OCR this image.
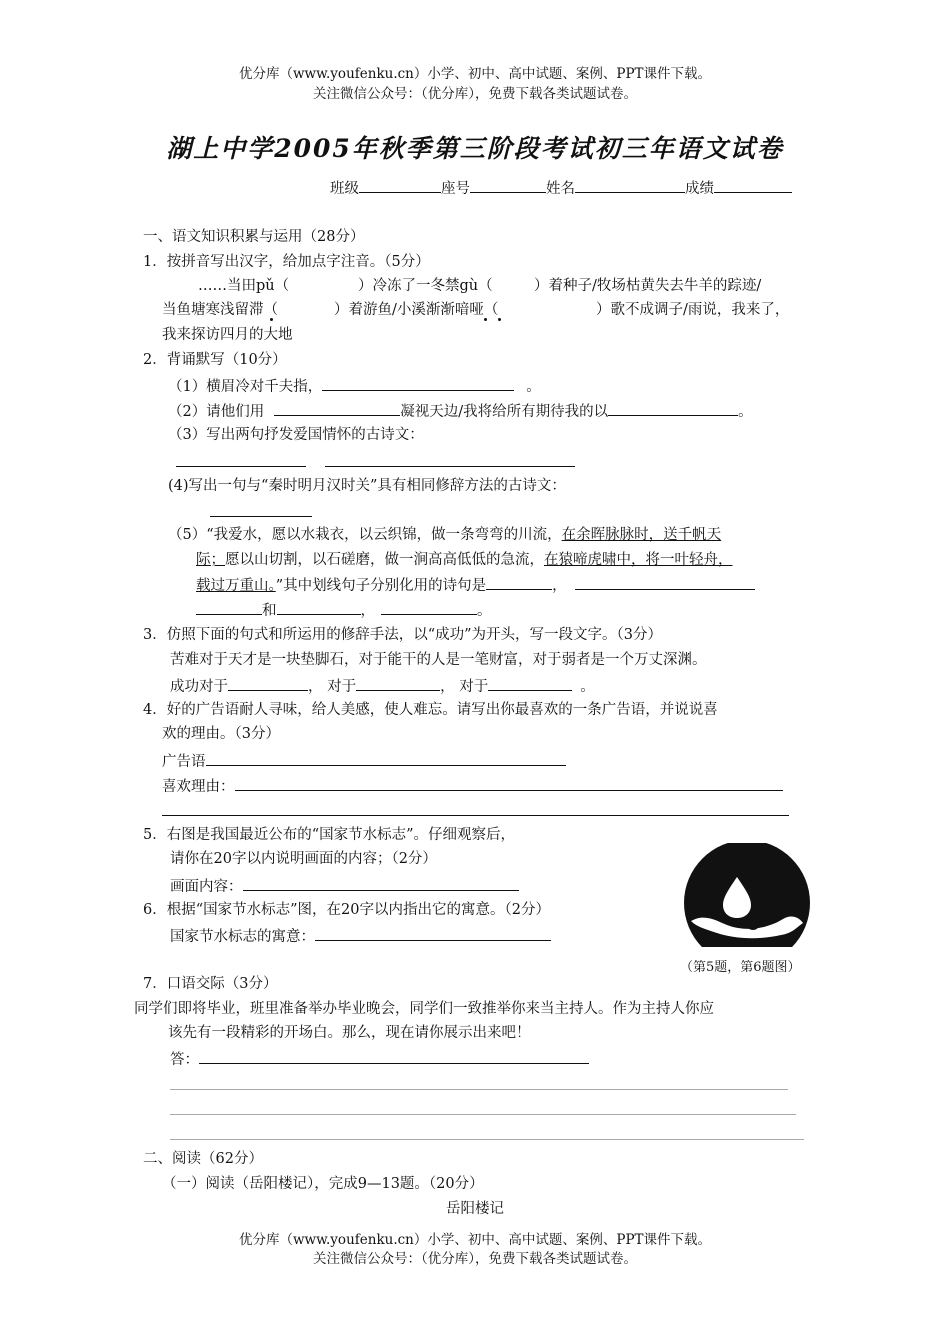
优分库（www.youfenku.cn）小学、初中、高中试题、案例、PPT课件下载。
关注微信公众号：（优分库），免费下载各类试题试卷。
湖上中学2005年秋季第三阶段考试初三年语文试卷
班级	座号	姓名	成绩
一、语文知识积累与运用（28分）
1．按拼音写出汉字，给加点字注音。（5分）
……当田pǔ（	）冷冻了一冬禁gù（	）着种子/牧场枯黄失去牛羊的踪迹/
当鱼塘寒浅留滞（	）着游鱼/小溪渐渐喑哑（	）歌不成调子/雨说，我来了，
我来探访四月的大地
2．背诵默写（10分）
（1）横眉冷对千夫指，	。
（2）请他们用	凝视天边/我将给所有期待我的以	。
（3）写出两句抒发爱国情怀的古诗文：
(4)写出一句与“秦时明月汉时关”具有相同修辞方法的古诗文：
（5）“我爱水，愿以水栽衣，以云织锦，做一条弯弯的川流，在余晖脉脉时，送千帆天
际；愿以山切割，以石磋磨，做一涧高高低低的急流，在猿啼虎啸中，将一叶轻舟，
载过万重山。”其中划线句子分别化用的诗句是	，
和	，	。
3．仿照下面的句式和所运用的修辞手法，以“成功”为开头，写一段文字。（3分）
苦难对于天才是一块垫脚石，对于能干的人是一笔财富，对于弱者是一个万丈深渊。
成功对于	， 对于	， 对于	。
4．好的广告语耐人寻味，给人美感，使人难忘。请写出你最喜欢的一条广告语，并说说喜
欢的理由。（3分）
广告语
喜欢理由：
5．右图是我国最近公布的“国家节水标志”。仔细观察后，
请你在20字以内说明画面的内容；（2分）
画面内容：
6．根据“国家节水标志”图，在20字以内指出它的寓意。（2分）
国家节水标志的寓意：
（第5题，第6题图）
7．口语交际（3分）
同学们即将毕业，班里准备举办毕业晚会，同学们一致推举你来当主持人。作为主持人你应
该先有一段精彩的开场白。那么，现在请你展示出来吧！
答：
二、阅读（62分）
（一）阅读（岳阳楼记），完成9—13题。（20分）
岳阳楼记
优分库（www.youfenku.cn）小学、初中、高中试题、案例、PPT课件下载。
关注微信公众号：（优分库），免费下载各类试题试卷。
